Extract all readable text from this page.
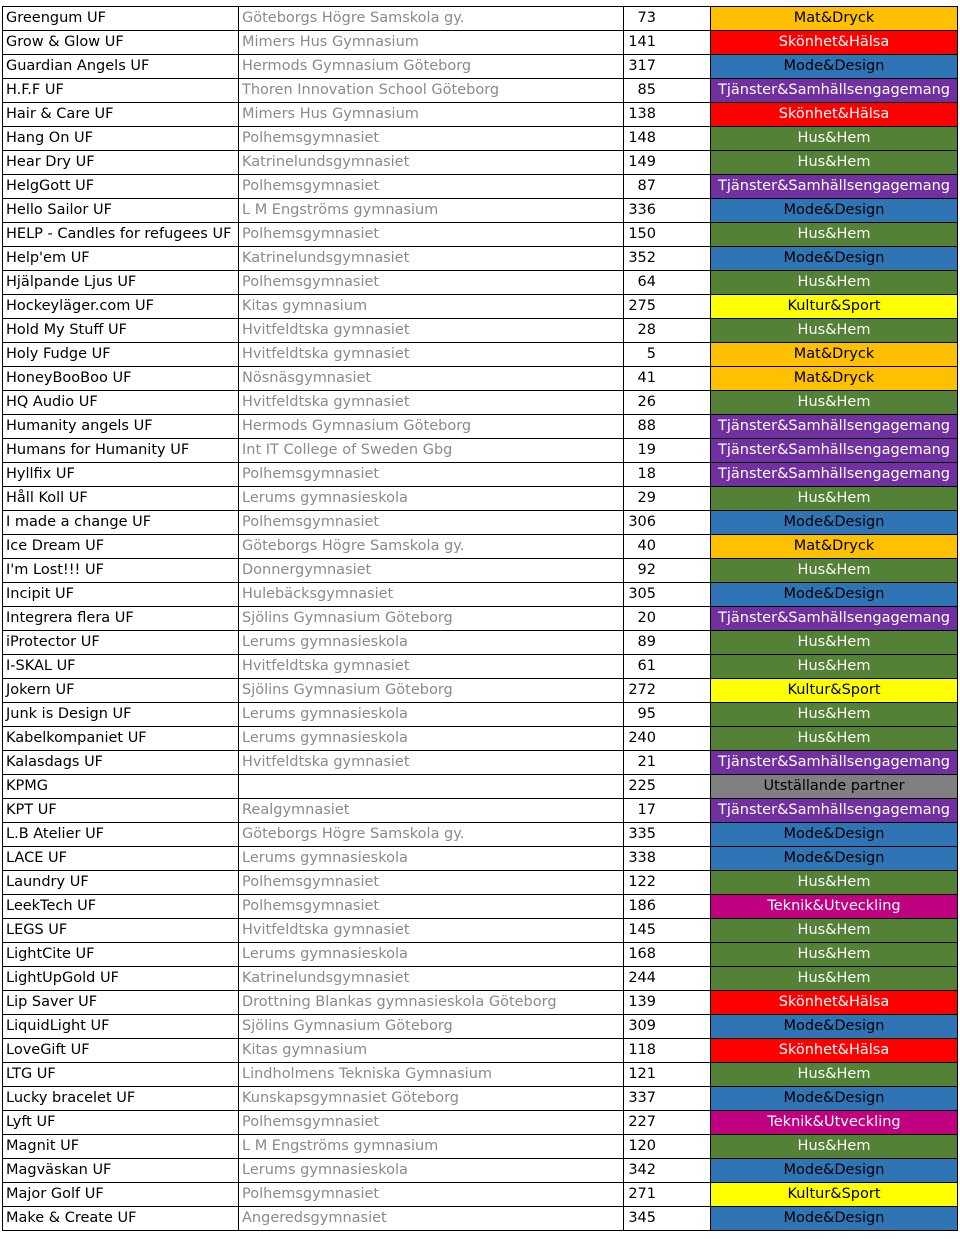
Greengum UF	Göteborgs Högre Samskola gy.	73	Mat&Dryck
Grow & Glow UF	Mimers Hus Gymnasium	141	Skönhet&Hälsa
Guardian Angels UF	Hermods Gymnasium Göteborg	317	Mode&Design
H.F.F UF	Thoren Innovation School Göteborg	85	Tjänster&Samhällsengagemang
Hair & Care UF	Mimers Hus Gymnasium	138	Skönhet&Hälsa
Hang On UF	Polhemsgymnasiet	148	Hus&Hem
Hear Dry UF	Katrinelundsgymnasiet	149	Hus&Hem
HelgGott UF	Polhemsgymnasiet	87	Tjänster&Samhällsengagemang
Hello Sailor UF	L M Engströms gymnasium	336	Mode&Design
HELP - Candles for refugees UF	Polhemsgymnasiet	150	Hus&Hem
Help'em UF	Katrinelundsgymnasiet	352	Mode&Design
Hjälpande Ljus UF	Polhemsgymnasiet	64	Hus&Hem
Hockeyläger.com UF	Kitas gymnasium	275	Kultur&Sport
Hold My Stuff UF	Hvitfeldtska gymnasiet	28	Hus&Hem
Holy Fudge UF	Hvitfeldtska gymnasiet	5	Mat&Dryck
HoneyBooBoo UF	Nösnäsgymnasiet	41	Mat&Dryck
HQ Audio UF	Hvitfeldtska gymnasiet	26	Hus&Hem
Humanity angels UF	Hermods Gymnasium Göteborg	88	Tjänster&Samhällsengagemang
Humans for Humanity UF	Int IT College of Sweden Gbg	19	Tjänster&Samhällsengagemang
Hyllfix UF	Polhemsgymnasiet	18	Tjänster&Samhällsengagemang
Håll Koll UF	Lerums gymnasieskola	29	Hus&Hem
I made a change UF	Polhemsgymnasiet	306	Mode&Design
Ice Dream UF	Göteborgs Högre Samskola gy.	40	Mat&Dryck
I'm Lost!!! UF	Donnergymnasiet	92	Hus&Hem
Incipit UF	Hulebäcksgymnasiet	305	Mode&Design
Integrera flera UF	Sjölins Gymnasium Göteborg	20	Tjänster&Samhällsengagemang
iProtector UF	Lerums gymnasieskola	89	Hus&Hem
I-SKAL UF	Hvitfeldtska gymnasiet	61	Hus&Hem
Jokern UF	Sjölins Gymnasium Göteborg	272	Kultur&Sport
Junk is Design UF	Lerums gymnasieskola	95	Hus&Hem
Kabelkompaniet UF	Lerums gymnasieskola	240	Hus&Hem
Kalasdags UF	Hvitfeldtska gymnasiet	21	Tjänster&Samhällsengagemang
KPMG		225	Utställande partner
KPT UF	Realgymnasiet	17	Tjänster&Samhällsengagemang
L.B Atelier UF	Göteborgs Högre Samskola gy.	335	Mode&Design
LACE UF	Lerums gymnasieskola	338	Mode&Design
Laundry UF	Polhemsgymnasiet	122	Hus&Hem
LeekTech UF	Polhemsgymnasiet	186	Teknik&Utveckling
LEGS UF	Hvitfeldtska gymnasiet	145	Hus&Hem
LightCite UF	Lerums gymnasieskola	168	Hus&Hem
LightUpGold UF	Katrinelundsgymnasiet	244	Hus&Hem
Lip Saver UF	Drottning Blankas gymnasieskola Göteborg	139	Skönhet&Hälsa
LiquidLight UF	Sjölins Gymnasium Göteborg	309	Mode&Design
LoveGift UF	Kitas gymnasium	118	Skönhet&Hälsa
LTG UF	Lindholmens Tekniska Gymnasium	121	Hus&Hem
Lucky bracelet UF	Kunskapsgymnasiet Göteborg	337	Mode&Design
Lyft UF	Polhemsgymnasiet	227	Teknik&Utveckling
Magnit UF	L M Engströms gymnasium	120	Hus&Hem
Magväskan UF	Lerums gymnasieskola	342	Mode&Design
Major Golf UF	Polhemsgymnasiet	271	Kultur&Sport
Make & Create UF	Angeredsgymnasiet	345	Mode&Design
